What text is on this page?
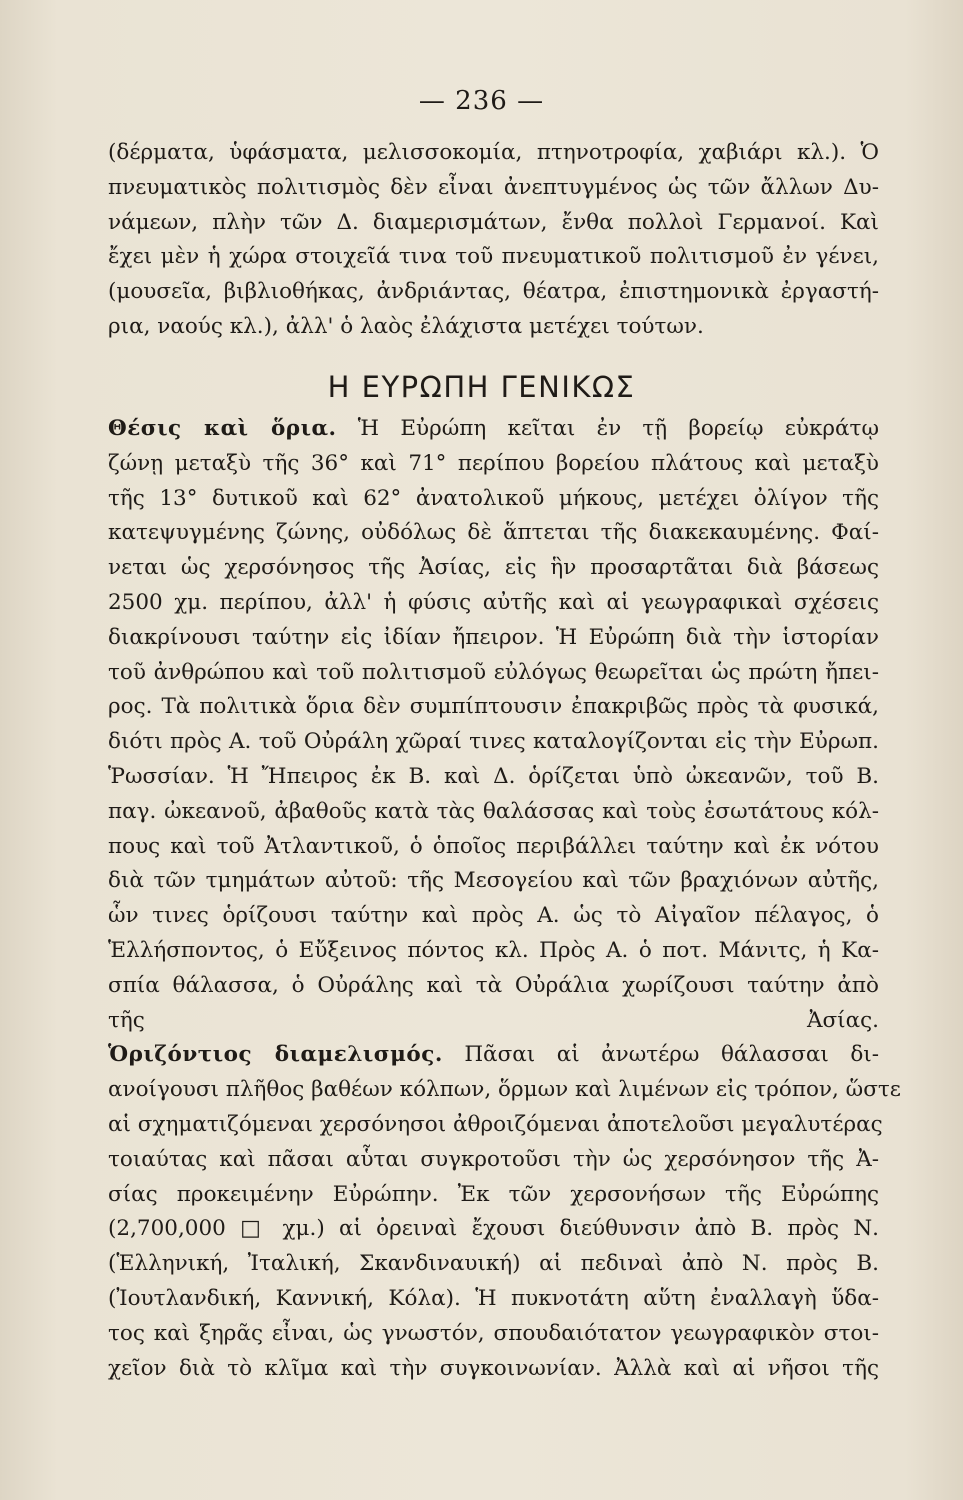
— 236 —
(δέρματα, ὑφάσματα, μελισσοκομία, πτηνοτροφία, χαβιάρι κλ.). Ὁ
πνευματικὸς πολιτισμὸς δὲν εἶναι ἀνεπτυγμένος ὡς τῶν ἄλλων Δυ-
νάμεων, πλὴν τῶν Δ. διαμερισμάτων, ἔνθα πολλοὶ Γερμανοί. Καὶ
ἔχει μὲν ἡ χώρα στοιχεῖά τινα τοῦ πνευματικοῦ πολιτισμοῦ ἐν γένει,
(μουσεῖα, βιβλιοθήκας, ἀνδριάντας, θέατρα, ἐπιστημονικὰ ἐργαστή-
ρια, ναούς κλ.), ἀλλ' ὁ λαὸς ἐλάχιστα μετέχει τούτων.
Η ΕΥΡΩΠΗ ΓΕΝΙΚΩΣ
Θέσις καὶ ὅρια. Ἡ Εὐρώπη κεῖται ἐν τῇ βορείῳ εὐκράτῳ
ζώνῃ μεταξὺ τῆς 36° καὶ 71° περίπου βορείου πλάτους καὶ μεταξὺ
τῆς 13° δυτικοῦ καὶ 62° ἀνατολικοῦ μήκους, μετέχει ὀλίγον τῆς
κατεψυγμένης ζώνης, οὐδόλως δὲ ἅπτεται τῆς διακεκαυμένης. Φαί-
νεται ὡς χερσόνησος τῆς Ἀσίας, εἰς ἣν προσαρτᾶται διὰ βάσεως
2500 χμ. περίπου, ἀλλ' ἡ φύσις αὐτῆς καὶ αἱ γεωγραφικαὶ σχέσεις
διακρίνουσι ταύτην εἰς ἰδίαν ἤπειρον. Ἡ Εὐρώπη διὰ τὴν ἱστορίαν
τοῦ ἀνθρώπου καὶ τοῦ πολιτισμοῦ εὐλόγως θεωρεῖται ὡς πρώτη ἤπει-
ρος. Τὰ πολιτικὰ ὅρια δὲν συμπίπτουσιν ἐπακριβῶς πρὸς τὰ φυσικά,
διότι πρὸς Α. τοῦ Οὐράλη χῶραί τινες καταλογίζονται εἰς τὴν Εὐρωπ.
Ῥωσσίαν. Ἡ Ἤπειρος ἐκ Β. καὶ Δ. ὁρίζεται ὑπὸ ὠκεανῶν, τοῦ Β.
παγ. ὠκεανοῦ, ἀβαθοῦς κατὰ τὰς θαλάσσας καὶ τοὺς ἐσωτάτους κόλ-
πους καὶ τοῦ Ἀτλαντικοῦ, ὁ ὁποῖος περιβάλλει ταύτην καὶ ἐκ νότου
διὰ τῶν τμημάτων αὐτοῦ: τῆς Μεσογείου καὶ τῶν βραχιόνων αὐτῆς,
ὧν τινες ὁρίζουσι ταύτην καὶ πρὸς Α. ὡς τὸ Αἰγαῖον πέλαγος, ὁ
Ἑλλήσποντος, ὁ Εὔξεινος πόντος κλ. Πρὸς Α. ὁ ποτ. Μάνιτς, ἡ Κα-
σπία θάλασσα, ὁ Οὐράλης καὶ τὰ Οὐράλια χωρίζουσι ταύτην ἀπὸ
τῆς Ἀσίας.
Ὁριζόντιος διαμελισμός. Πᾶσαι αἱ ἀνωτέρω θάλασσαι δι-
ανοίγουσι πλῆθος βαθέων κόλπων, ὅρμων καὶ λιμένων εἰς τρόπον, ὥστε
αἱ σχηματιζόμεναι χερσόνησοι ἀθροιζόμεναι ἀποτελοῦσι μεγαλυτέρας
τοιαύτας καὶ πᾶσαι αὗται συγκροτοῦσι τὴν ὡς χερσόνησον τῆς Ἀ-
σίας προκειμένην Εὐρώπην. Ἐκ τῶν χερσονήσων τῆς Εὐρώπης
(2,700,000 □ χμ.) αἱ ὀρειναὶ ἔχουσι διεύθυνσιν ἀπὸ Β. πρὸς Ν.
(Ἑλληνική, Ἰταλική, Σκανδιναυική) αἱ πεδιναὶ ἀπὸ Ν. πρὸς Β.
(Ἰουτλανδική, Καννική, Κόλα). Ἡ πυκνοτάτη αὕτη ἐναλλαγὴ ὕδα-
τος καὶ ξηρᾶς εἶναι, ὡς γνωστόν, σπουδαιότατον γεωγραφικὸν στοι-
χεῖον διὰ τὸ κλῖμα καὶ τὴν συγκοινωνίαν. Ἀλλὰ καὶ αἱ νῆσοι τῆς
